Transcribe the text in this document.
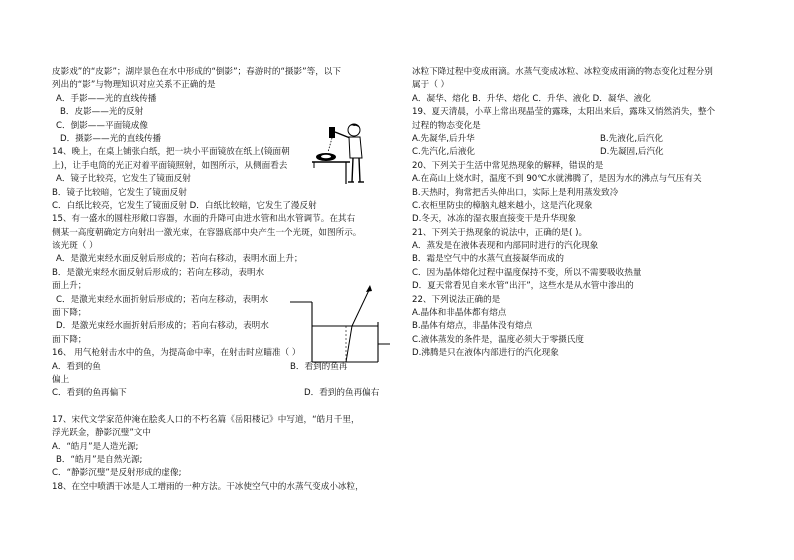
皮影戏”的“皮影”；湖岸景色在水中形成的“倒影”；春游时的“摄影”等，以下
列出的“影”与物理知识对应关系不正确的是
A．手影——光的直线传播
B．皮影——光的反射
C．倒影——平面镜成像
D．摄影——光的直线传播
14、晚上，在桌上铺张白纸，把一块小平面镜放在纸上(镜面朝
上)，让手电筒的光正对着平面镜照射，如图所示，从侧面看去
A．镜子比较亮，它发生了镜面反射
B．镜子比较暗，它发生了镜面反射
C．白纸比较亮，它发生了镜面反射 D．白纸比较暗，它发生了漫反射
15、有一盛水的圆柱形敞口容器，水面的升降可由进水管和出水管调节。在其右
侧某一高度朝确定方向射出一激光束，在容器底部中央产生一个光斑，如图所示。
该光斑（ ）
A．是激光束经水面反射后形成的；若向右移动，表明水面上升；
B．是激光束经水面反射后形成的；若向左移动，表明水
面上升；
C．是激光束经水面折射后形成的；若向左移动，表明水
面下降；
D．是激光束经水面折射后形成的；若向右移动，表明水
面下降；
16、 用气枪射击水中的鱼，为提高命中率，在射击时应瞄准（ ）
A．看到的鱼	B．看到的鱼再
偏上
C．看到的鱼再偏下	D．看到的鱼再偏右
17、宋代文学家范仲淹在脍炙人口的不朽名篇《岳阳楼记》中写道，“皓月千里，
浮光跃金，静影沉璧”文中
A．“皓月”是人造光源;
B．“皓月”是自然光源;
C．“静影沉璧”是反射形成的虚像;
18、在空中喷洒干冰是人工增雨的一种方法。干冰使空气中的水蒸气变成小冰粒，
冰粒下降过程中变成雨滴。水蒸气变成冰粒、冰粒变成雨滴的物态变化过程分别
属于（ ）
A．凝华、熔化 B．升华、熔化 C．升华、液化 D．凝华、液化
19、夏天清晨，小草上常出现晶莹的露珠，太阳出来后，露珠又悄然消失，整个
过程的物态变化是
A.先凝华,后升华	B.先液化,后汽化
C.先汽化,后液化	D.先凝固,后汽化
20、下列关于生活中常见热现象的解释，错误的是
A.在高山上烧水时，温度不到 90℃水就沸腾了，是因为水的沸点与气压有关
B.天热时，狗常把舌头伸出口，实际上是利用蒸发致冷
C.衣柜里防虫的樟脑丸越来越小，这是汽化现象
D.冬天，冰冻的湿衣服直接变干是升华现象
21、下列关于热现象的说法中，正确的是( )。
A．蒸发是在液体表现和内部同时进行的汽化现象
B．霜是空气中的水蒸气直接凝华而成的
C．因为晶体熔化过程中温度保持不变，所以不需要吸收热量
D．夏天常看见自来水管“出汗”，这些水是从水管中渗出的
22、下列说法正确的是
A.晶体和非晶体都有熔点
B.晶体有熔点，非晶体没有熔点
C.液体蒸发的条件是，温度必须大于零摄氏度
D.沸腾是只在液体内部进行的汽化现象
